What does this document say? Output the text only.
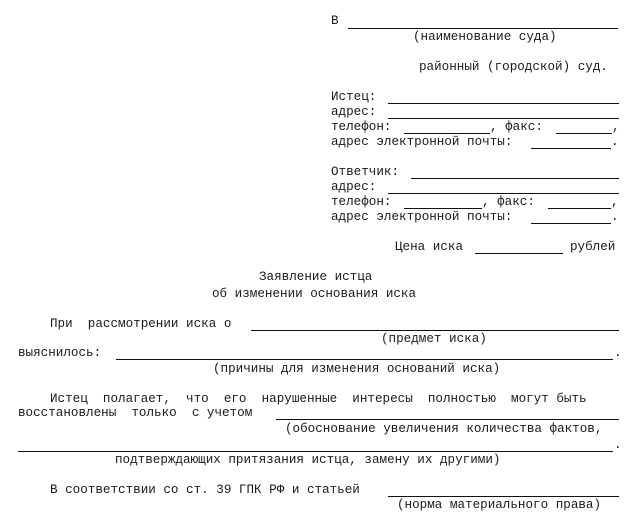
В
(наименование суда)
районный (городской) суд.
Истец:
адрес:
телефон:	, факс:	,
адрес электронной почты:	.
Ответчик:
адрес:
телефон:	, факс:	,
адрес электронной почты:	.
Цена иска	рублей
Заявление истца
об изменении основания иска
При  рассмотрении иска о
(предмет иска)
выяснилось:	.
(причины для изменения оснований иска)
Истец  полагает,  что  его  нарушенные  интересы  полностью  могут быть
восстановлены  только  с учетом
(обоснование увеличения количества фактов,
.
подтверждающих притязания истца, замену их другими)
В соответствии со ст. 39 ГПК РФ и статьей
(норма материального права)
